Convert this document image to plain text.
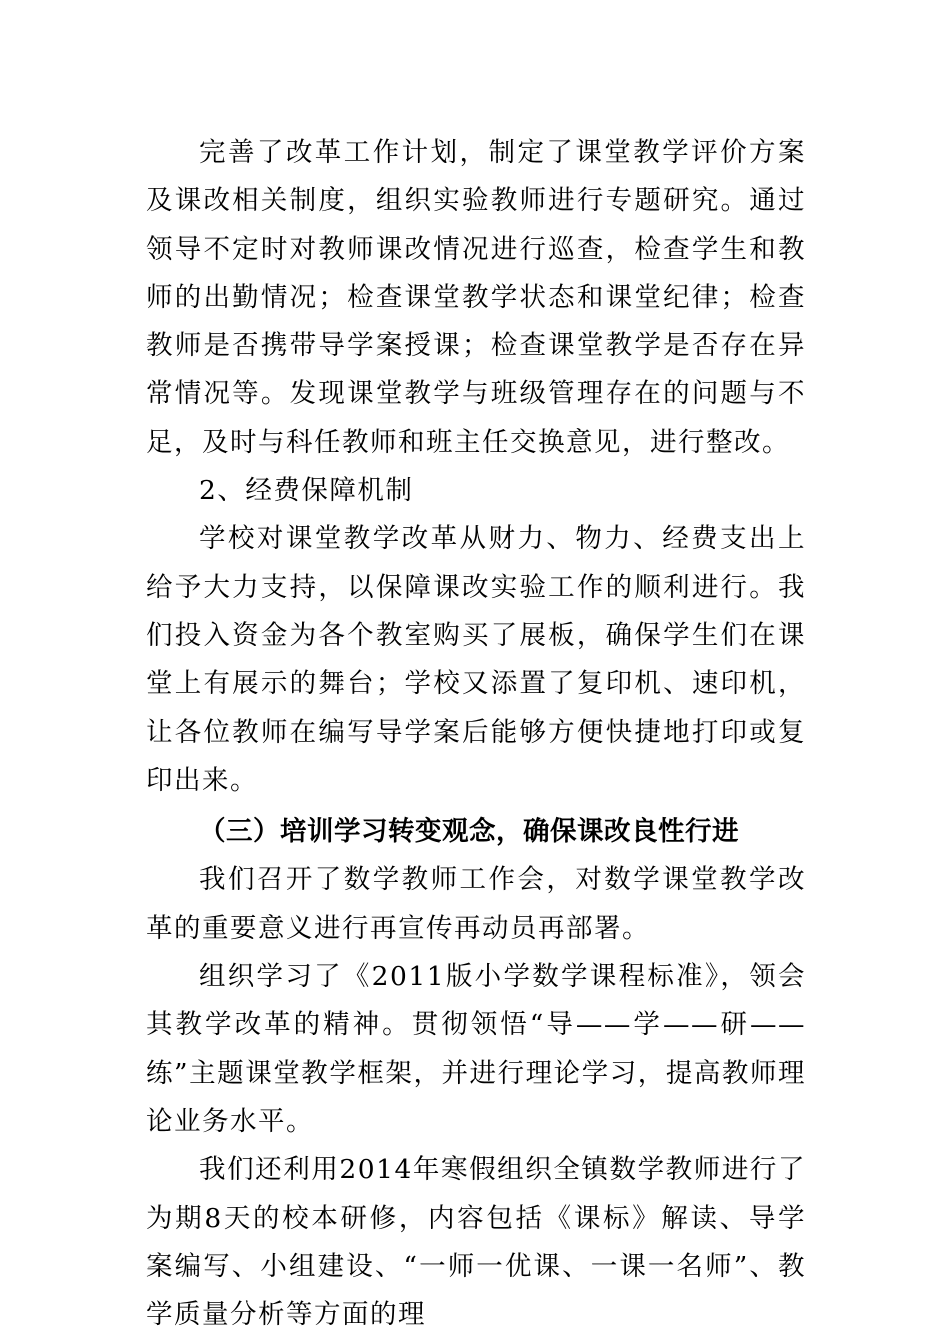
完善了改革工作计划，制定了课堂教学评价方案及课改相关制度，组织实验教师进行专题研究。通过领导不定时对教师课改情况进行巡查，检查学生和教师的出勤情况；检查课堂教学状态和课堂纪律；检查教师是否携带导学案授课；检查课堂教学是否存在异常情况等。发现课堂教学与班级管理存在的问题与不足，及时与科任教师和班主任交换意见，进行整改。

2、经费保障机制

学校对课堂教学改革从财力、物力、经费支出上给予大力支持，以保障课改实验工作的顺利进行。我们投入资金为各个教室购买了展板，确保学生们在课堂上有展示的舞台；学校又添置了复印机、速印机，让各位教师在编写导学案后能够方便快捷地打印或复印出来。

（三）培训学习转变观念，确保课改良性行进

我们召开了数学教师工作会，对数学课堂教学改革的重要意义进行再宣传再动员再部署。

组织学习了《2011版小学数学课程标准》，领会其教学改革的精神。贯彻领悟“导——学——研——练”主题课堂教学框架，并进行理论学习，提高教师理论业务水平。

我们还利用2014年寒假组织全镇数学教师进行了为期8天的校本研修，内容包括《课标》解读、导学案编写、小组建设、“一师一优课、一课一名师”、教学质量分析等方面的理
